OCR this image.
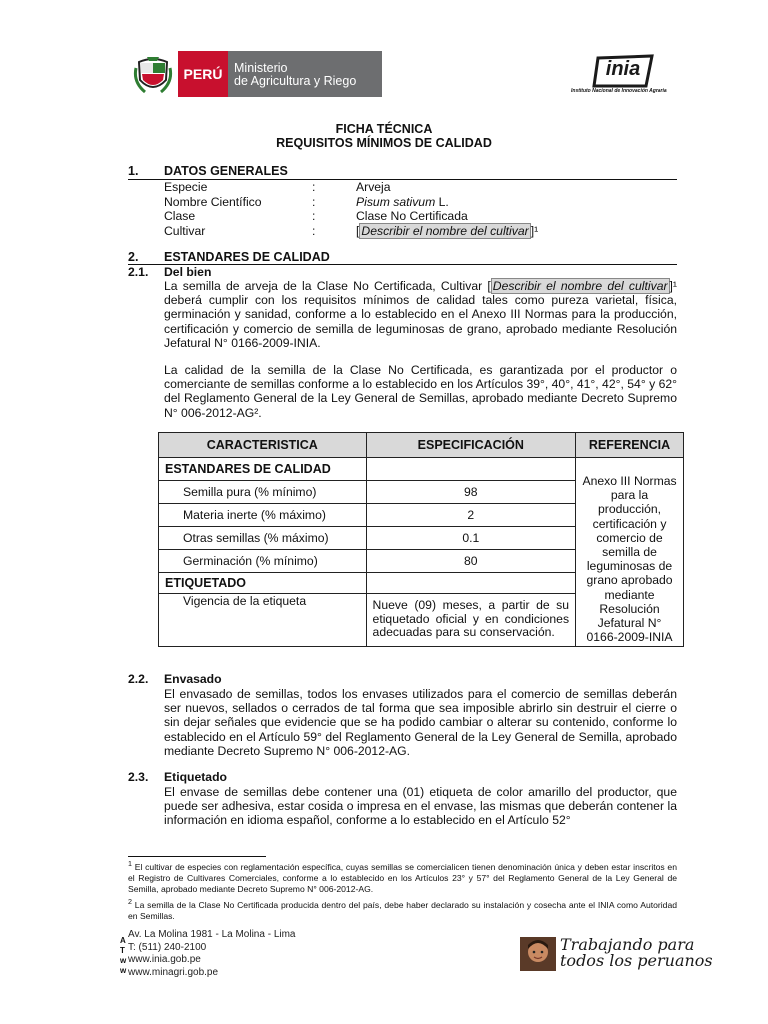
PERÚ Ministerio
de Agricultura y Riego
inia
Instituto Nacional de Innovación Agraria
FICHA TÉCNICA
REQUISITOS MÍNIMOS DE CALIDAD
1. DATOS GENERALES
Especie	:	Arveja
Nombre Científico	:	Pisum sativum L.
Clase	:	Clase No Certificada
Cultivar	:	[ Describir el nombre del cultivar ]¹
2. ESTANDARES DE CALIDAD
2.1. Del bien
La semilla de arveja de la Clase No Certificada, Cultivar [ Describir el nombre del cultivar ]¹ deberá cumplir con los requisitos mínimos de calidad tales como pureza varietal, física, germinación y sanidad, conforme a lo establecido en el Anexo III Normas para la producción, certificación y comercio de semilla de leguminosas de grano, aprobado mediante Resolución Jefatural N° 0166-2009-INIA.
La calidad de la semilla de la Clase No Certificada, es garantizada por el productor o comerciante de semillas conforme a lo establecido en los Artículos 39°, 40°, 41°, 42°, 54° y 62° del Reglamento General de la Ley General de Semillas, aprobado mediante Decreto Supremo N° 006-2012-AG².
CARACTERISTICA	ESPECIFICACIÓN	REFERENCIA
ESTANDARES DE CALIDAD		Anexo III Normas para la producción, certificación y comercio de semilla de leguminosas de grano aprobado mediante Resolución Jefatural N° 0166-2009-INIA
Semilla pura (% mínimo)	98	
Materia inerte (% máximo)	2	
Otras semillas (% máximo)	0.1	
Germinación (% mínimo)	80	
ETIQUETADO		
Vigencia de la etiqueta	Nueve (09) meses, a partir de su etiquetado oficial y en condiciones adecuadas para su conservación.	
2.2. Envasado
El envasado de semillas, todos los envases utilizados para el comercio de semillas deberán ser nuevos, sellados o cerrados de tal forma que sea imposible abrirlo sin destruir el cierre o sin dejar señales que evidencie que se ha podido cambiar o alterar su contenido, conforme lo establecido en el Artículo 59° del Reglamento General de la Ley General de Semilla, aprobado mediante Decreto Supremo N° 006-2012-AG.
2.3. Etiquetado
El envase de semillas debe contener una (01) etiqueta de color amarillo del productor, que puede ser adhesiva, estar cosida o impresa en el envase, las mismas que deberán contener la información en idioma español, conforme a lo establecido en el Artículo 52°
$^1$ El cultivar de especies con reglamentación específica, cuyas semillas se comercialicen tienen denominación única y deben estar inscritos en el Registro de Cultivares Comerciales, conforme a lo establecido en los Artículos 23° y 57° del Reglamento General de la Ley General de Semilla, aprobado mediante Decreto Supremo N° 006-2012-AG.
$^2$ La semilla de la Clase No Certificada producida dentro del país, debe haber declarado su instalación y cosecha ante el INIA como Autoridad en Semillas.
A
T
w
w
Av. La Molina 1981 - La Molina - Lima
T: (511) 240-2100
www.inia.gob.pe
www.minagri.gob.pe
Trabajando para
todos los peruanos
